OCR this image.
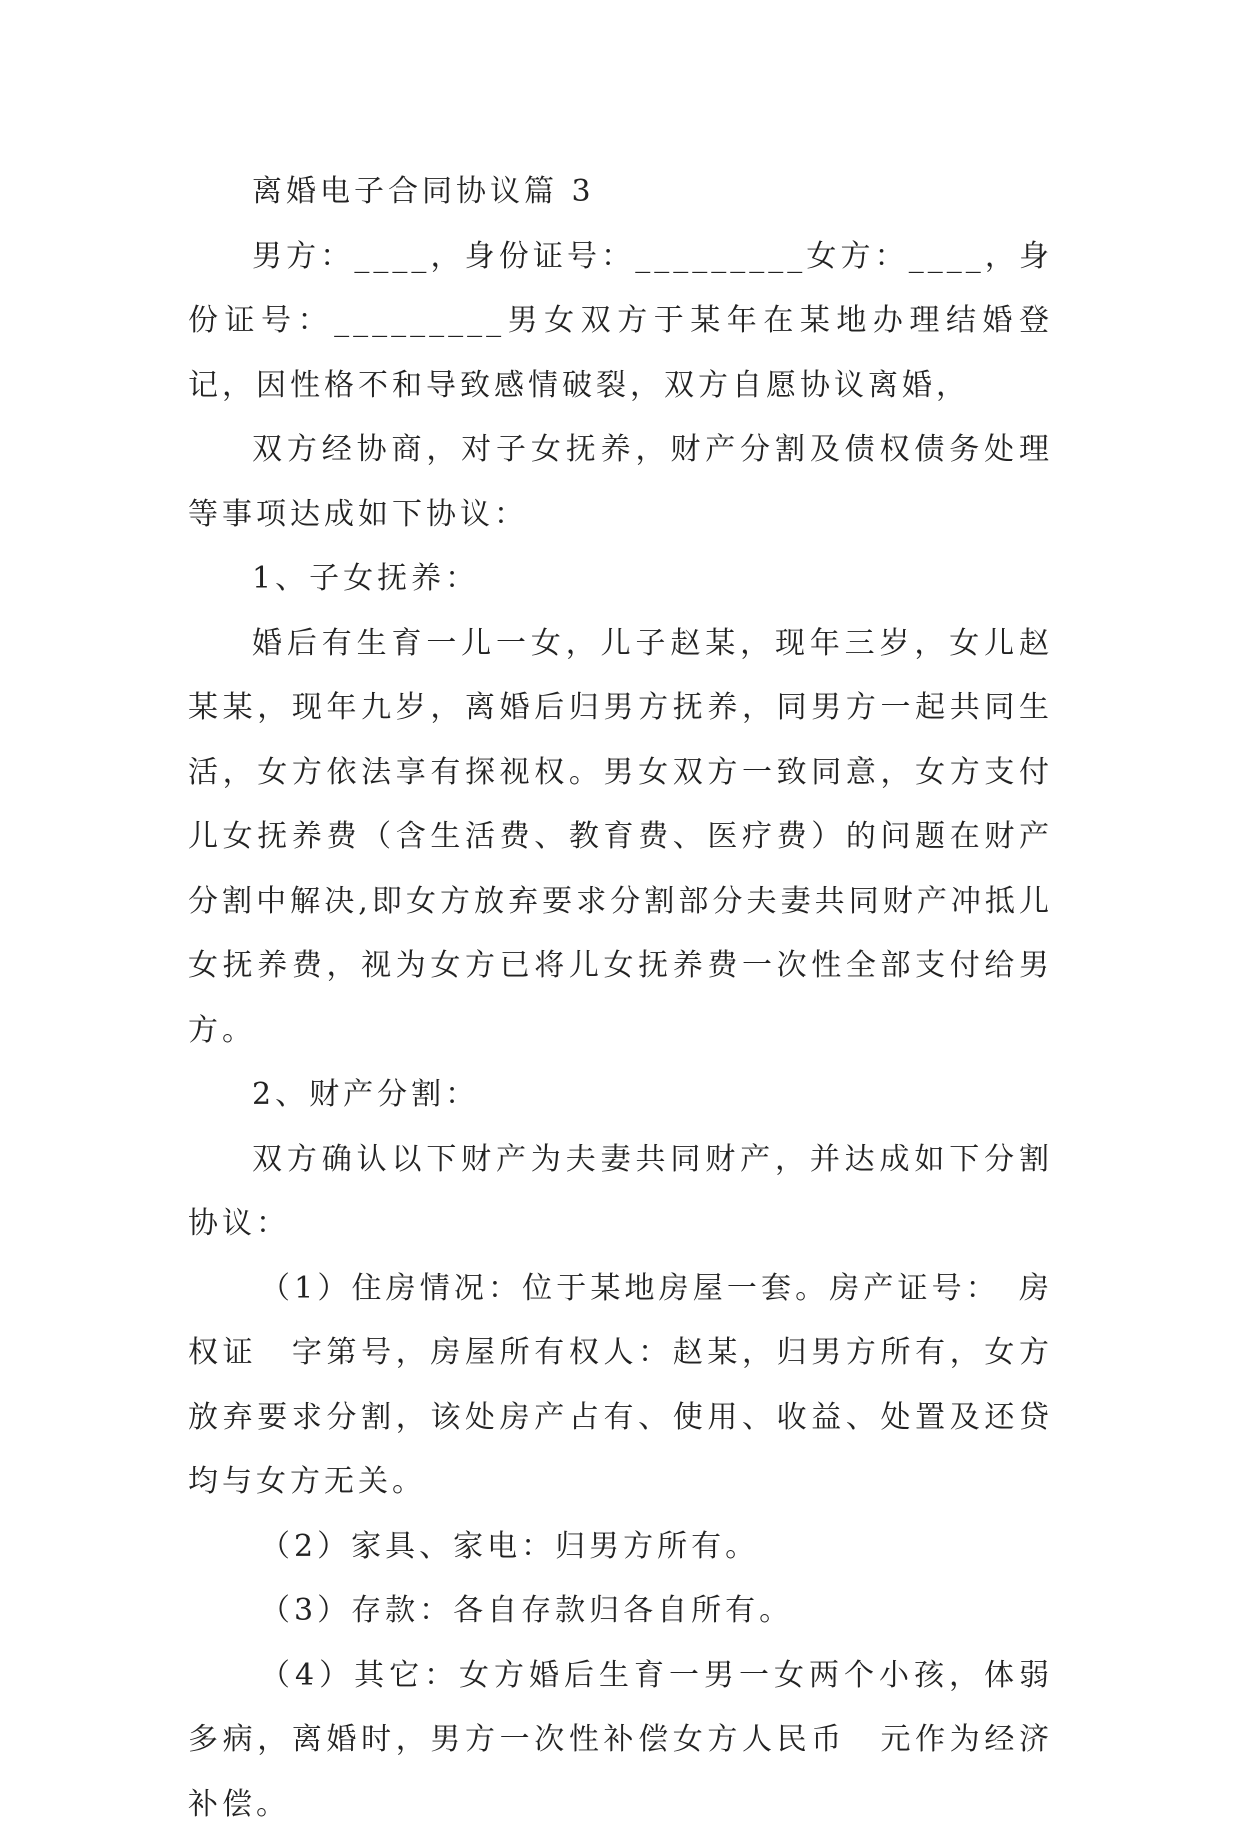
离婚电子合同协议篇 3

男方：____，身份证号：_________女方：____，身份证号：_________男女双方于某年在某地办理结婚登记，因性格不和导致感情破裂，双方自愿协议离婚，

双方经协商，对子女抚养，财产分割及债权债务处理等事项达成如下协议：

1、子女抚养：

婚后有生育一儿一女，儿子赵某，现年三岁，女儿赵某某，现年九岁，离婚后归男方抚养，同男方一起共同生活，女方依法享有探视权。男女双方一致同意，女方支付儿女抚养费（含生活费、教育费、医疗费）的问题在财产分割中解决,即女方放弃要求分割部分夫妻共同财产冲抵儿女抚养费，视为女方已将儿女抚养费一次性全部支付给男方。

2、财产分割：

双方确认以下财产为夫妻共同财产，并达成如下分割协议：

（1）住房情况：位于某地房屋一套。房产证号：　房权证　字第号，房屋所有权人：赵某，归男方所有，女方放弃要求分割，该处房产占有、使用、收益、处置及还贷均与女方无关。

（2）家具、家电：归男方所有。

（3）存款：各自存款归各自所有。

（4）其它：女方婚后生育一男一女两个小孩，体弱多病，离婚时，男方一次性补偿女方人民币　元作为经济补偿。
